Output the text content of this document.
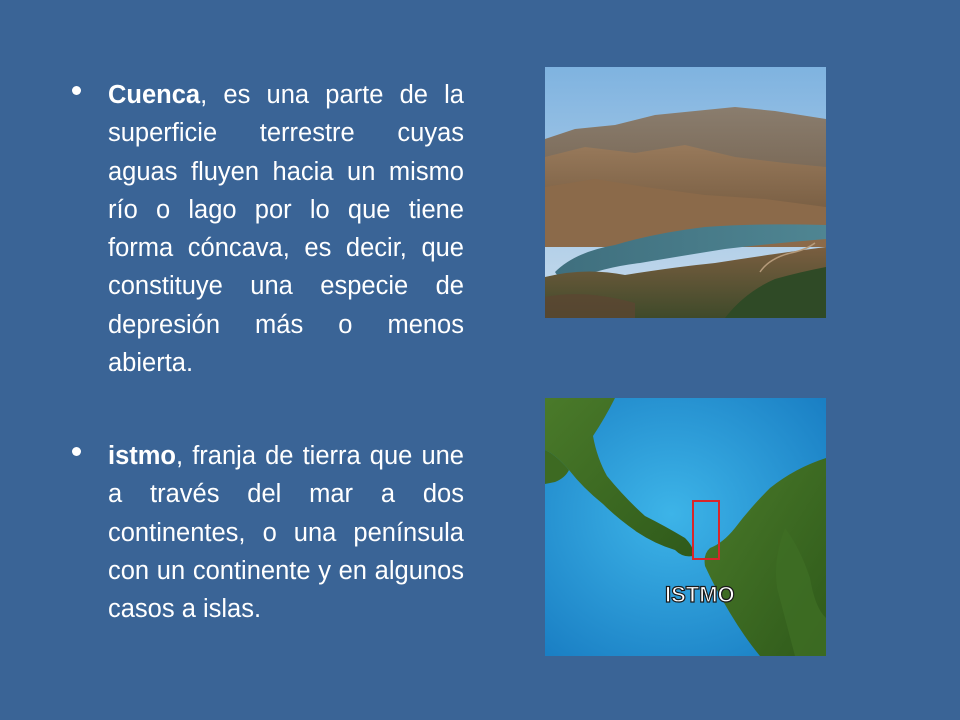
Cuenca, es una parte de la superficie terrestre cuyas aguas fluyen hacia un mismo río o lago por lo que tiene forma cóncava, es decir, que constituye una especie de depresión más o menos abierta.
istmo, franja de tierra que une a través del mar a dos continentes, o una península con un continente y en algunos casos a islas.
ISTMO
